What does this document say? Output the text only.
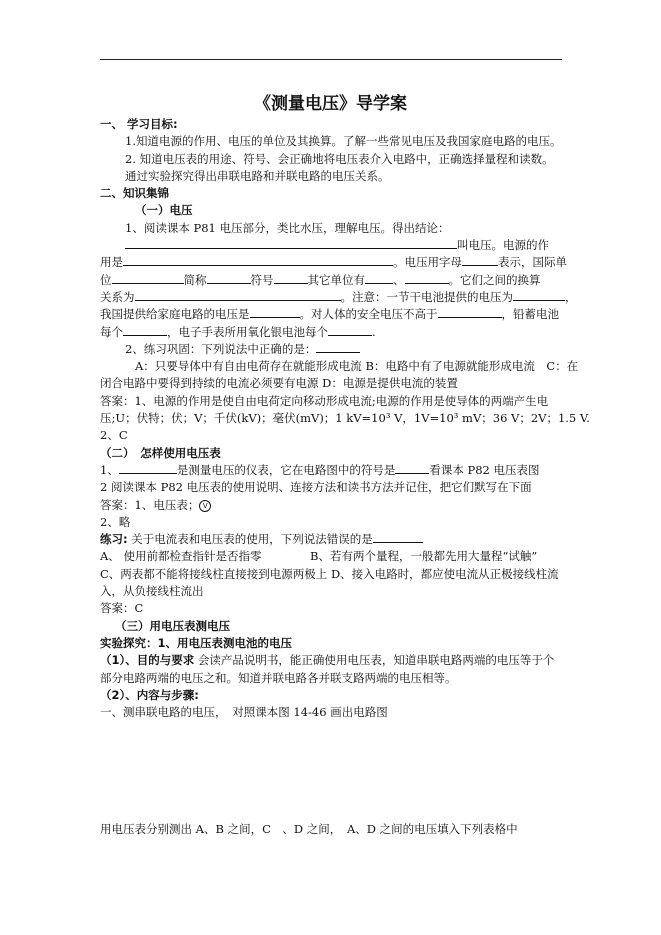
《测量电压》导学案

一、 学习目标:

1.知道电源的作用、电压的单位及其换算。了解一些常见电压及我国家庭电路的电压。

2. 知道电压表的用途、符号、会正确地将电压表介入电路中，正确选择量程和读数。

通过实验探究得出串联电路和并联电路的电压关系。

二、知识集锦

（一）电压

1、阅读课本 P81 电压部分，类比水压，理解电压。得出结论：

叫电压。电源的作

用是	。电压用字母	表示，国际单

位	简称	符号	其它单位有 、	。它们之间的换算

关系为	。注意：一节干电池提供的电压为	，

我国提供给家庭电路的电压是	。对人体的安全电压不高于	，铅蓄电池

每个	，电子手表所用氧化银电池每个	.

2、练习巩固：下列说法中正确的是：

A：只要导体中有自由电荷存在就能形成电流 B：电路中有了电源就能形成电流　C：在

闭合电路中要得到持续的电流必须要有电源 D：电源是提供电流的装置

答案：1、电源的作用是使自由电荷定向移动形成电流;电源的作用是使导体的两端产生电

压;U；伏特；伏；V；千伏(kV)；毫伏(mV)；1 kV=10³ V，1V=10³ mV；36 V；2V；1.5 V.

2、C

（二）　怎样使用电压表

1、	是测量电压的仪表，它在电路图中的符号是	看课本 P82 电压表图

2 阅读课本 P82 电压表的使用说明、连接方法和读书方法并记住，把它们默写在下面

答案：1、电压表； V

2、略

练习: 关于电流表和电压表的使用，下列说法错误的是

A、 使用前都检查指针是否指零	B、若有两个量程，一般都先用大量程“试触”

C、两表都不能将接线柱直接接到电源两极上 D、接入电路时，都应使电流从正极接线柱流

入，从负接线柱流出

答案：C

（三）用电压表测电压

实验探究：1、用电压表测电池的电压

（1）、目的与要求 会读产品说明书，能正确使用电压表，知道串联电路两端的电压等于个

部分电路两端的电压之和。知道并联电路各并联支路两端的电压相等。

（2）、内容与步骤:

一、测串联电路的电压，　对照课本图 14-46 画出电路图

用电压表分别测出 A、B 之间，C　、D 之间，　A、D 之间的电压填入下列表格中
